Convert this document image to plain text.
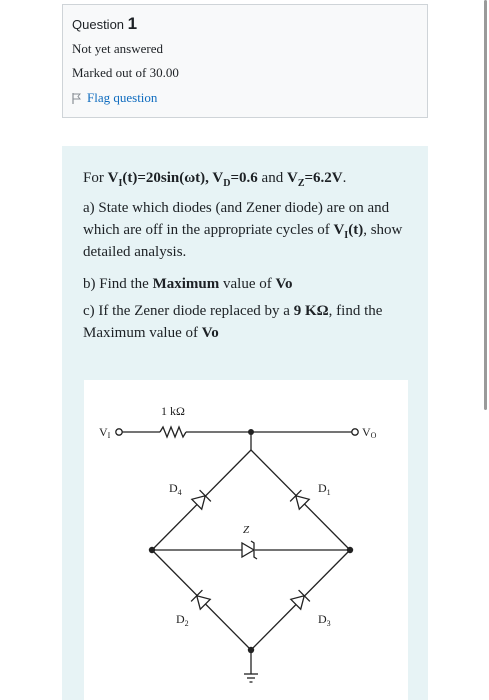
Question 1
Not yet answered
Marked out of 30.00
Flag question
For $V_I(t)=20\sin(\omega t)$, $V_D=0.6$ and $V_Z=6.2V$.
a) State which diodes (and Zener diode) are on and which are off in the appropriate cycles of $V_I(t)$, show detailed analysis.
b) Find the Maximum value of Vo
c) If the Zener diode replaced by a 9 KΩ, find the Maximum value of Vo
1 kΩ
VI	VO
$D_4$	$D_1$
$D_2$	$D_3$
Z
